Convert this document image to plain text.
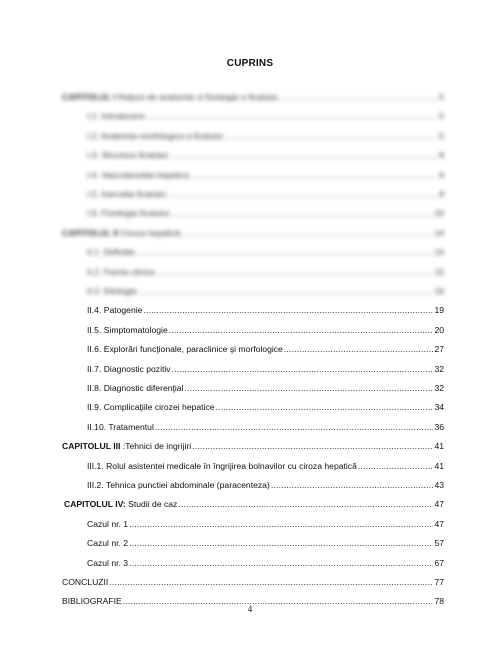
CUPRINS
CAPITOLUL I Noţiuni de anatomie si fiziologie a ficatului .....	5
I.1. Introducere .....	5
I.2. Anatomia morfologica a ficatului .....	5
I.3. Structura ficatului .....	8
I.4. Vascularizatia hepatica .....	9
I.5. Inervatia ficatului .....	9
I.6. Fiziologia ficatului .....	10
CAPITOLUL II Ciroza hepatică .....	14
II.1. Definitie .....	14
II.2. Forme clinice .....	15
II.3. Etiologie .....	16
II.4. Patogenie .....	19
II.5. Simptomatologie .....	20
II.6. Explorări funcţionale, paraclinice şi morfologice .....	27
II.7. Diagnostic pozitiv .....	32
II.8. Diagnostic diferenţial .....	32
II.9. Complicaţiile cirozei hepatice .....	34
II.10. Tratamentul .....	36
CAPITOLUL III :Tehnici de ingrijiri .....	41
III.1. Rolul asistentei medicale în îngrijirea bolnavilor cu ciroza hepatică .....	41
III.2. Tehnica punctiei abdominale (paracenteza) .....	43
CAPITOLUL IV: Studii de caz .....	47
Cazul nr. 1 .....	47
Cazul nr. 2 .....	57
Cazul nr. 3 .....	67
CONCLUZII .....	77
BIBLIOGRAFIE .....	78
4
